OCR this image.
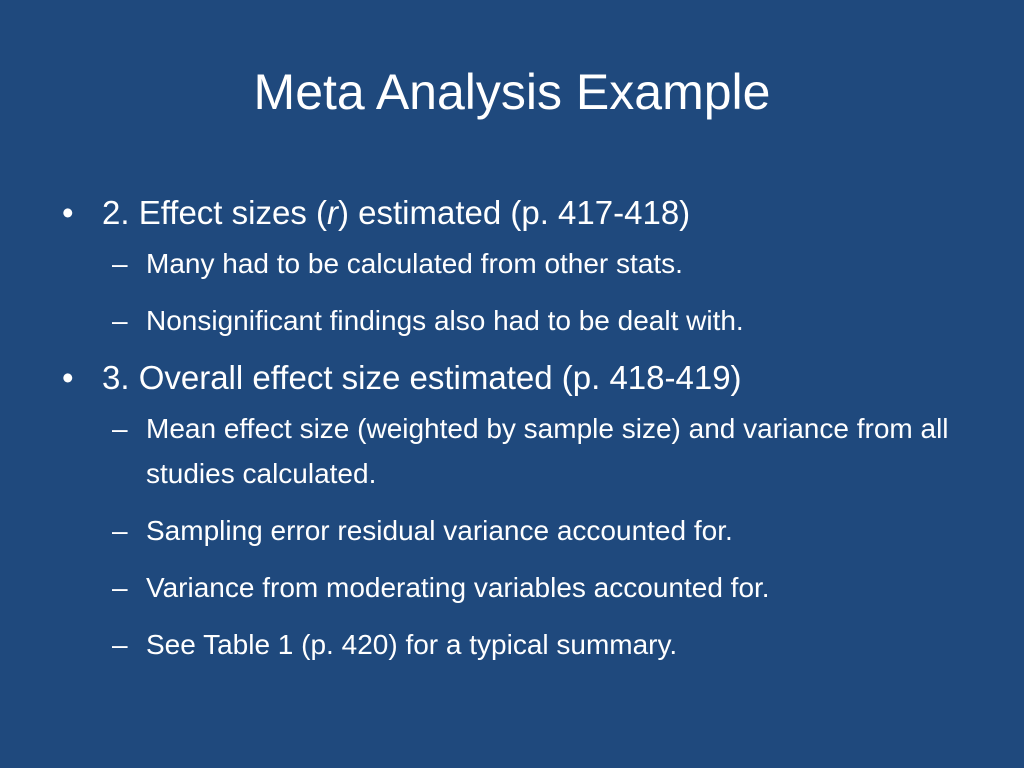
Meta Analysis Example
• 2. Effect sizes (r) estimated (p. 417-418)
– Many had to be calculated from other stats.
– Nonsignificant findings also had to be dealt with.
• 3. Overall effect size estimated (p. 418-419)
– Mean effect size (weighted by sample size) and variance from all studies calculated.
– Sampling error residual variance accounted for.
– Variance from moderating variables accounted for.
– See Table 1 (p. 420) for a typical summary.
